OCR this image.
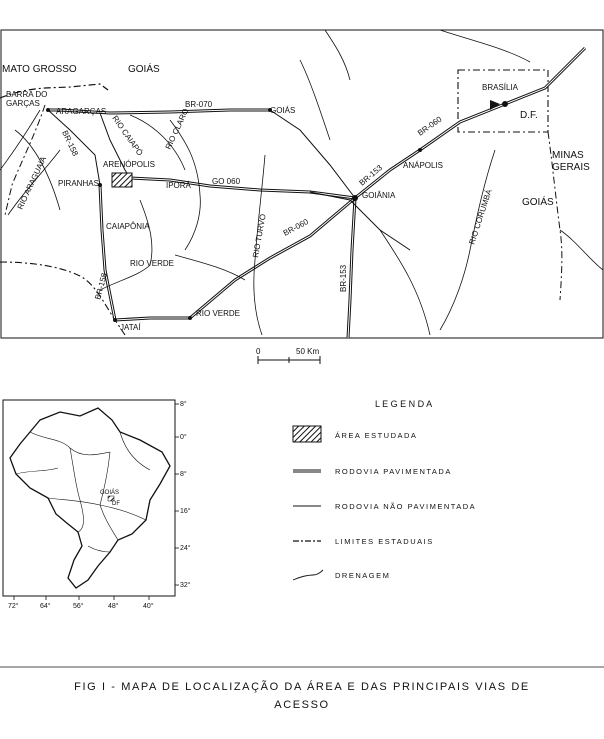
MATO GROSSO	GOIÁS
GOIÁS
MINAS
GERAIS
D.F.
BARRA DO
GARÇAS
ARAGARÇAS
ARENÓPOLIS
PIRANHAS	IPORÁ
CAIAPÔNIA
GOIÂNIA
ANÁPOLIS
BRASÍLIA
JATAÍ
RIO VERDE
GOIÁS
BR-070
BR-158
BR-158
GO 060
BR-060
BR-060
BR-153
BR-153
RIO ARAGUAIA
RIO CAIAPÓ RIO CLARO
RIO VERDE
RIO TURVO	RIO CORUMBÁ
0	50 Km
GOIÁS
DF
8°
0°
8°
16°
24°
32°
72°	64°	56°	48°	40°
L E G E N D A
ÁREA ESTUDADA
RODOVIA PAVIMENTADA
RODOVIA NÃO PAVIMENTADA
LIMITES ESTADUAIS
DRENAGEM
FIG I - MAPA DE LOCALIZAÇÃO DA ÁREA E DAS PRINCIPAIS VIAS DE
ACESSO
